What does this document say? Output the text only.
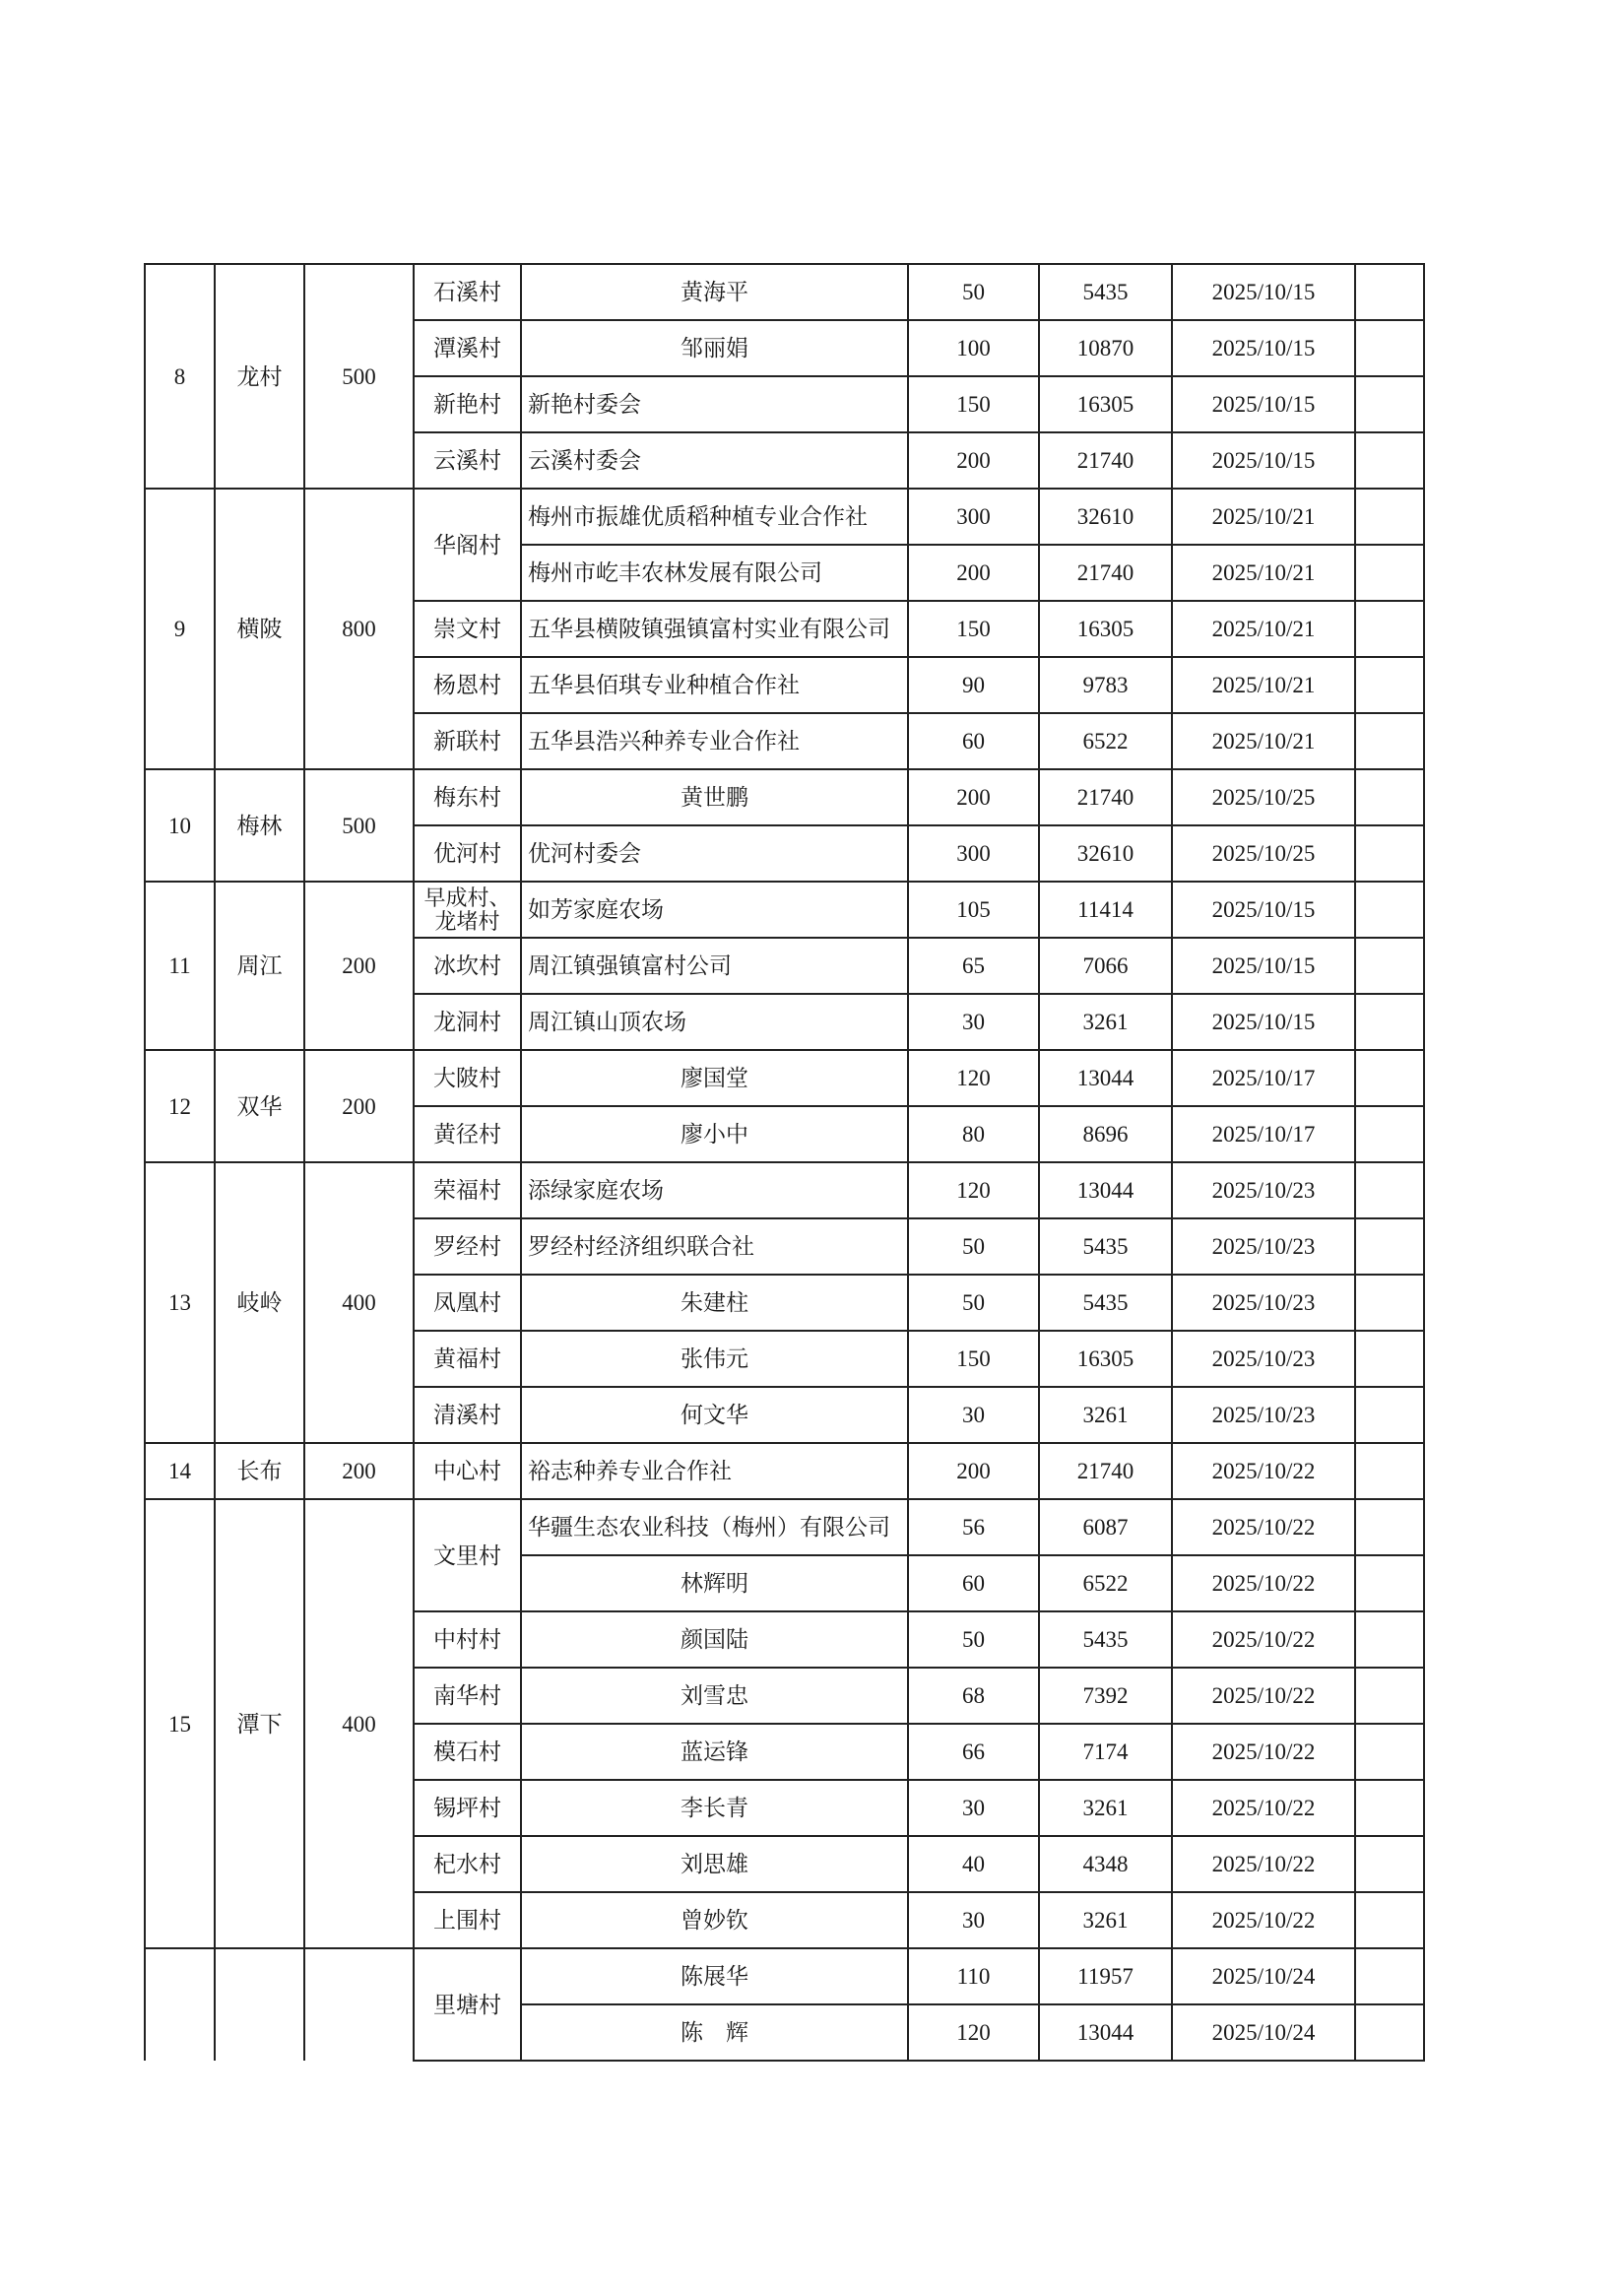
8	龙村	500	石溪村	黄海平	50	5435	2025/10/15	
			潭溪村	邹丽娟	100	10870	2025/10/15	
			新艳村	新艳村委会	150	16305	2025/10/15	
			云溪村	云溪村委会	200	21740	2025/10/15	
9	横陂	800	华阁村	梅州市振雄优质稻种植专业合作社	300	32610	2025/10/21	
				梅州市屹丰农林发展有限公司	200	21740	2025/10/21	
			崇文村	五华县横陂镇强镇富村实业有限公司	150	16305	2025/10/21	
			杨恩村	五华县佰琪专业种植合作社	90	9783	2025/10/21	
			新联村	五华县浩兴种养专业合作社	60	6522	2025/10/21	
10	梅林	500	梅东村	黄世鹏	200	21740	2025/10/25	
			优河村	优河村委会	300	32610	2025/10/25	
11	周江	200	早成村、龙堵村	如芳家庭农场	105	11414	2025/10/15	
			冰坎村	周江镇强镇富村公司	65	7066	2025/10/15	
			龙洞村	周江镇山顶农场	30	3261	2025/10/15	
12	双华	200	大陂村	廖国堂	120	13044	2025/10/17	
			黄径村	廖小中	80	8696	2025/10/17	
13	岐岭	400	荣福村	添绿家庭农场	120	13044	2025/10/23	
			罗经村	罗经村经济组织联合社	50	5435	2025/10/23	
			凤凰村	朱建柱	50	5435	2025/10/23	
			黄福村	张伟元	150	16305	2025/10/23	
			清溪村	何文华	30	3261	2025/10/23	
14	长布	200	中心村	裕志种养专业合作社	200	21740	2025/10/22	
15	潭下	400	文里村	华疆生态农业科技（梅州）有限公司	56	6087	2025/10/22	
				林辉明	60	6522	2025/10/22	
			中村村	颜国陆	50	5435	2025/10/22	
			南华村	刘雪忠	68	7392	2025/10/22	
			模石村	蓝运锋	66	7174	2025/10/22	
			锡坪村	李长青	30	3261	2025/10/22	
			杞水村	刘思雄	40	4348	2025/10/22	
			上围村	曾妙钦	30	3261	2025/10/22	
			里塘村	陈展华	110	11957	2025/10/24	
				陈　辉	120	13044	2025/10/24	
